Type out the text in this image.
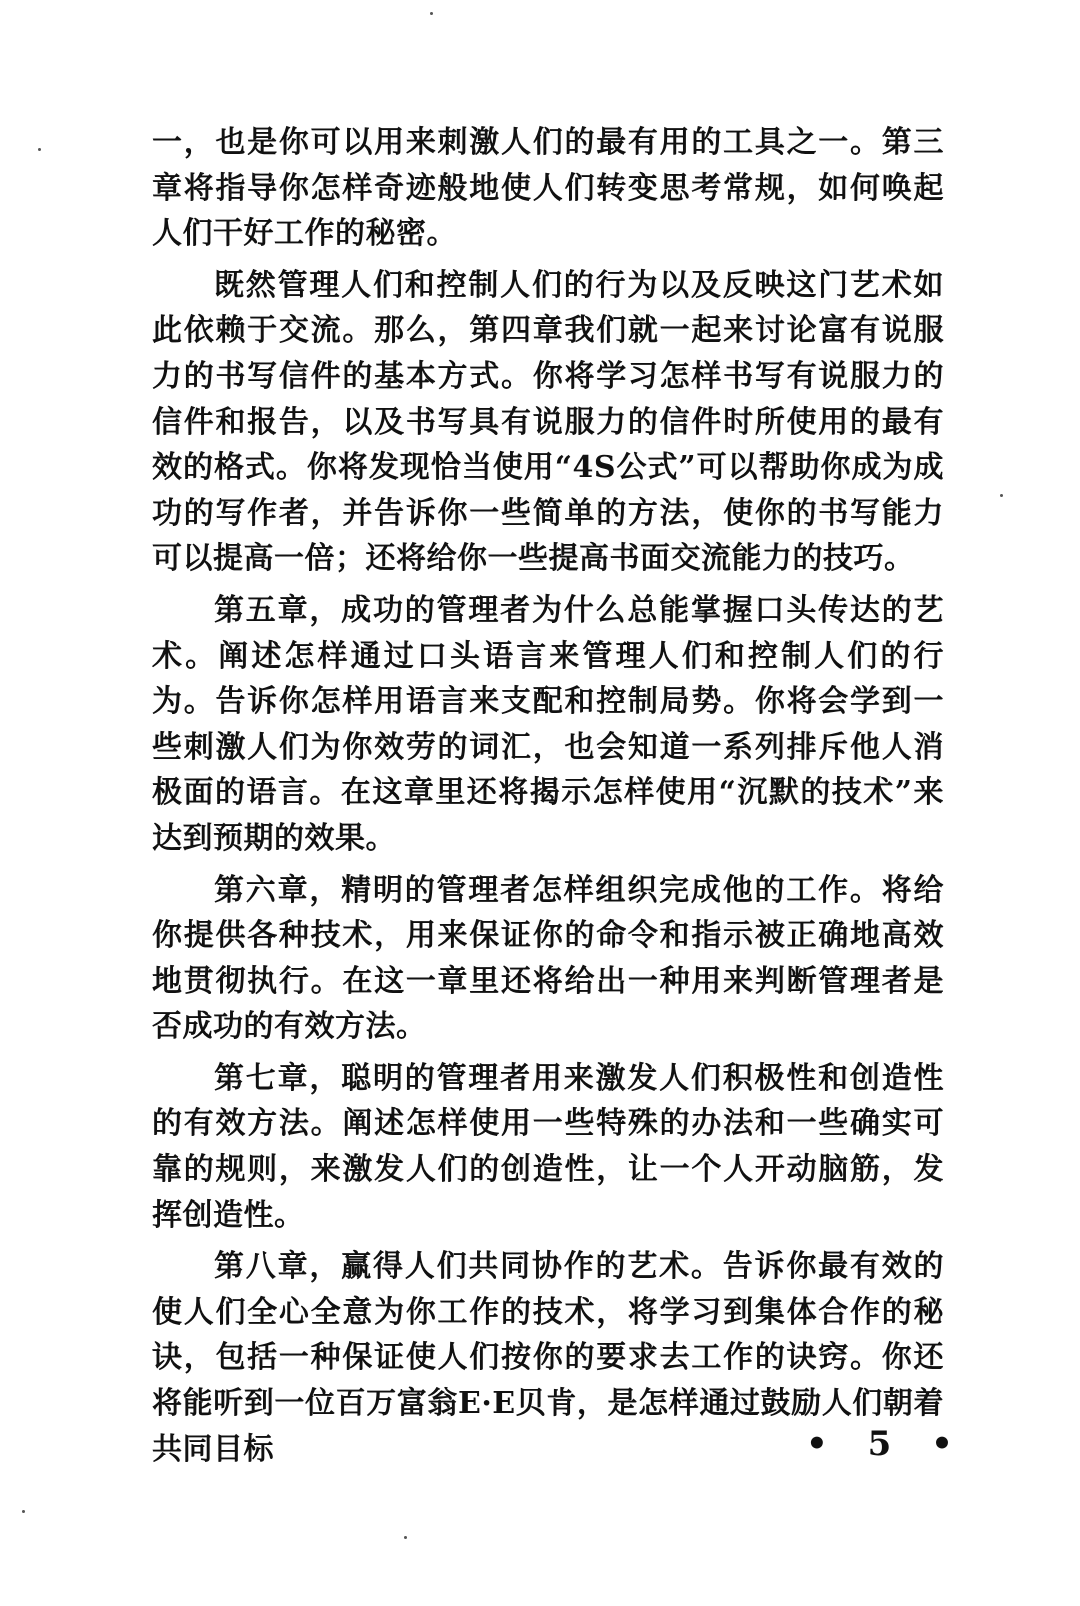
一，也是你可以用来刺激人们的最有用的工具之一。第三章将指导你怎样奇迹般地使人们转变思考常规，如何唤起人们干好工作的秘密。

既然管理人们和控制人们的行为以及反映这门艺术如此依赖于交流。那么，第四章我们就一起来讨论富有说服力的书写信件的基本方式。你将学习怎样书写有说服力的信件和报告，以及书写具有说服力的信件时所使用的最有效的格式。你将发现恰当使用“4S公式”可以帮助你成为成功的写作者，并告诉你一些简单的方法，使你的书写能力可以提高一倍；还将给你一些提高书面交流能力的技巧。

第五章，成功的管理者为什么总能掌握口头传达的艺术。阐述怎样通过口头语言来管理人们和控制人们的行为。告诉你怎样用语言来支配和控制局势。你将会学到一些刺激人们为你效劳的词汇，也会知道一系列排斥他人消极面的语言。在这章里还将揭示怎样使用“沉默的技术”来达到预期的效果。

第六章，精明的管理者怎样组织完成他的工作。将给你提供各种技术，用来保证你的命令和指示被正确地高效地贯彻执行。在这一章里还将给出一种用来判断管理者是否成功的有效方法。

第七章，聪明的管理者用来激发人们积极性和创造性的有效方法。阐述怎样使用一些特殊的办法和一些确实可靠的规则，来激发人们的创造性，让一个人开动脑筋，发挥创造性。

第八章，赢得人们共同协作的艺术。告诉你最有效的使人们全心全意为你工作的技术，将学习到集体合作的秘诀，包括一种保证使人们按你的要求去工作的诀窍。你还将能听到一位百万富翁E·E贝肯，是怎样通过鼓励人们朝着共同目标	• 5 •
